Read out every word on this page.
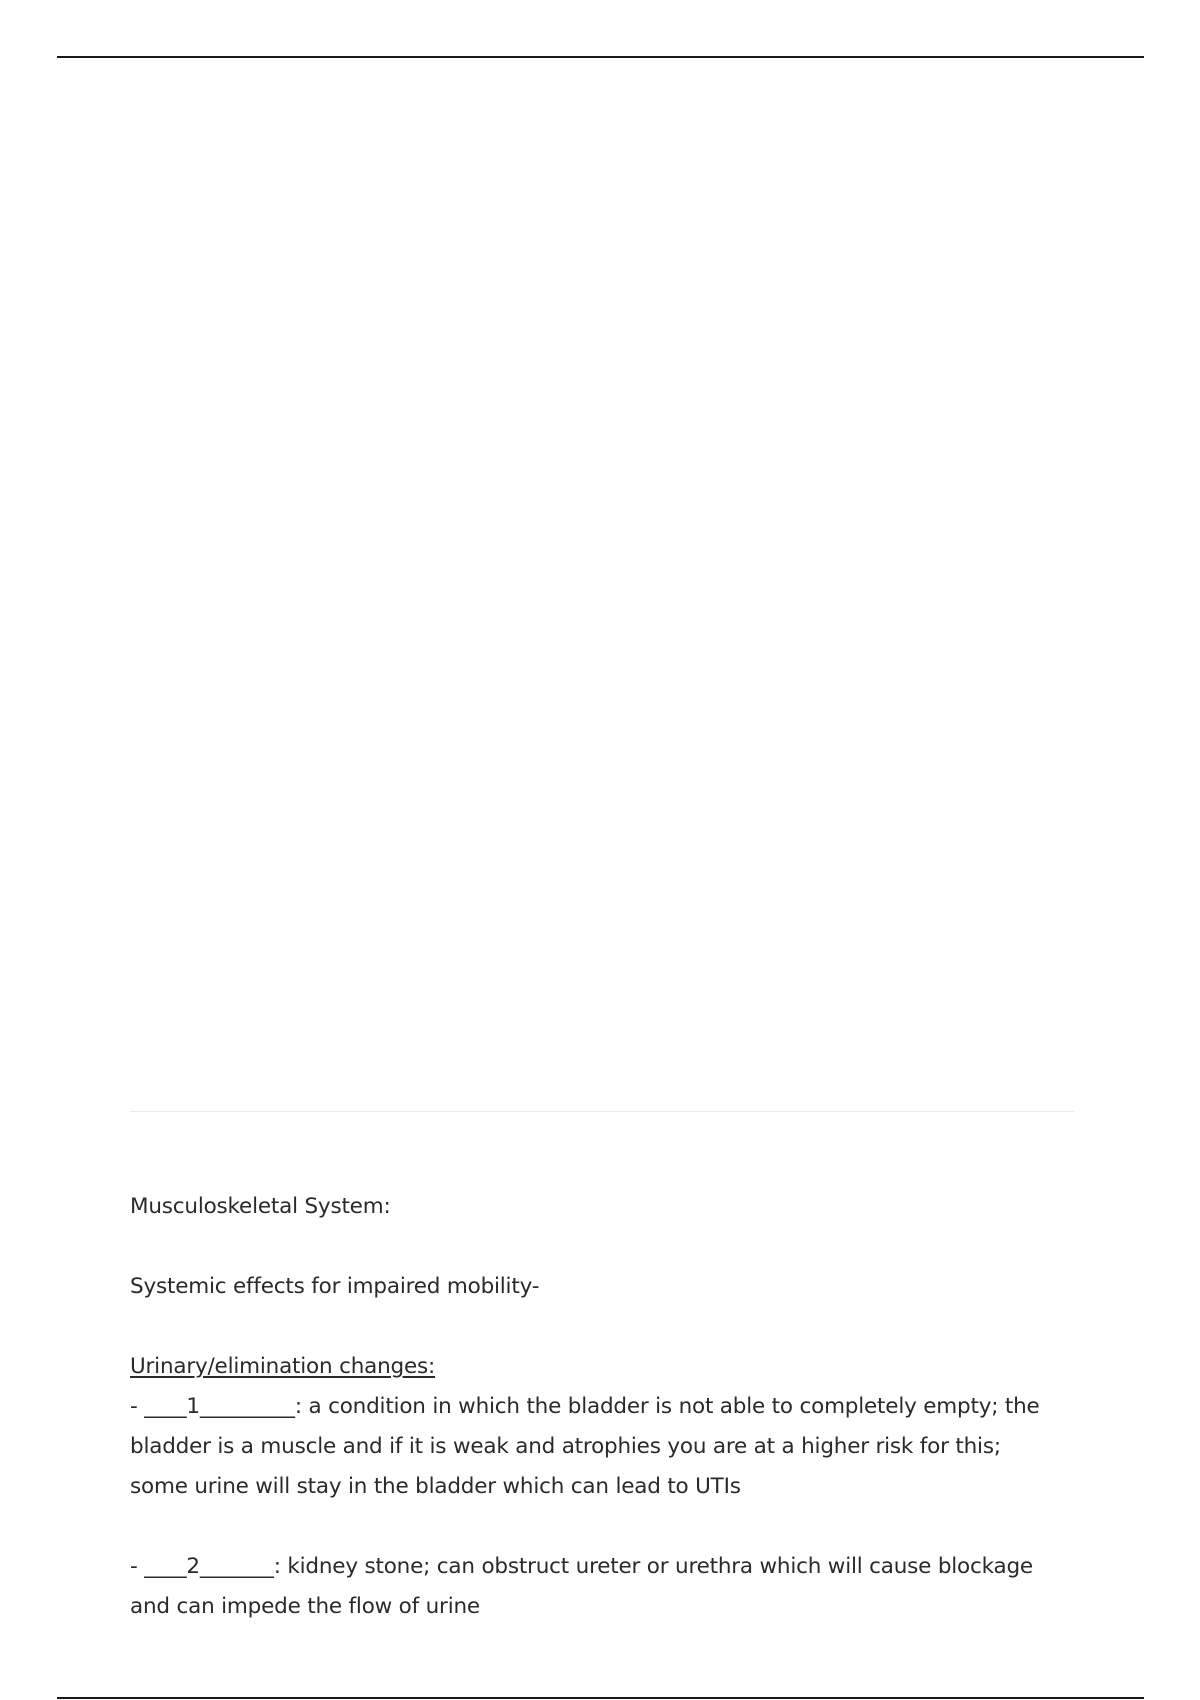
Musculoskeletal System:

Systemic effects for impaired mobility-

Urinary/elimination changes:

- ____1_________: a condition in which the bladder is not able to completely empty; the

bladder is a muscle and if it is weak and atrophies you are at a higher risk for this;

some urine will stay in the bladder which can lead to UTIs

- ____2_______: kidney stone; can obstruct ureter or urethra which will cause blockage

and can impede the flow of urine
